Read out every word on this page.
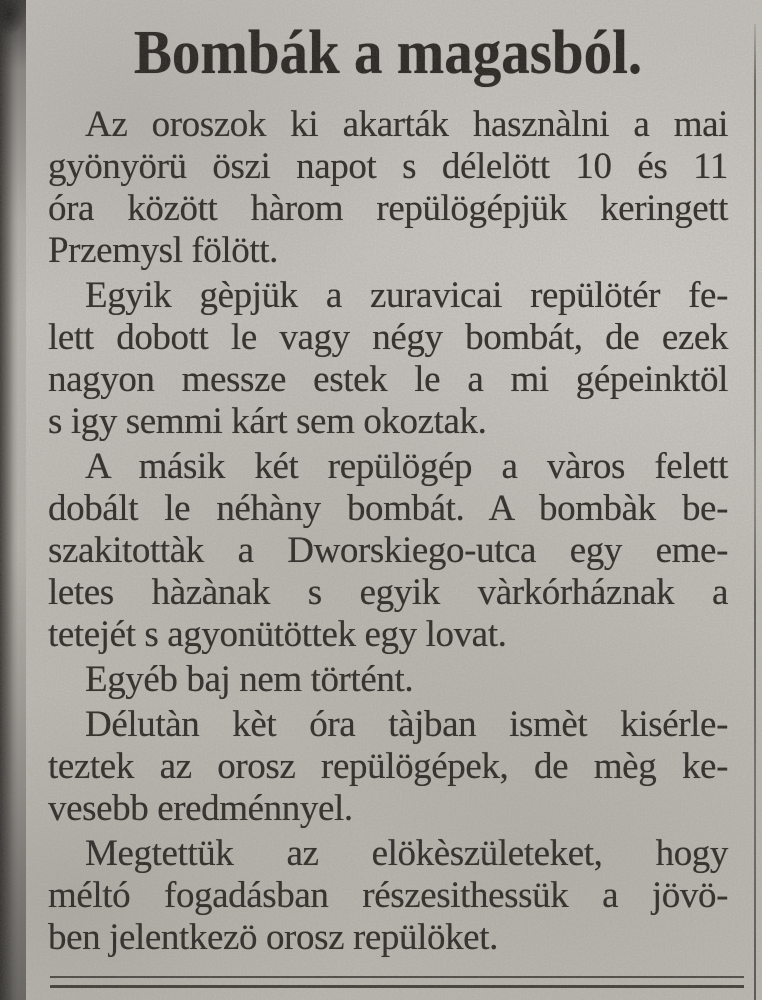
Bombák a magasból.
Az oroszok ki akarták hasznàlni a mai
gyönyörü öszi napot s délelött 10 és 11
óra között hàrom repülögépjük keringett
Przemysl fölött.
Egyik gèpjük a zuravicai repülötér fe-
lett dobott le vagy négy bombát, de ezek
nagyon messze estek le a mi gépeinktöl
s igy semmi kárt sem okoztak.
A másik két repülögép a vàros felett
dobált le néhàny bombát. A bombàk be-
szakitottàk a Dworskiego-utca egy eme-
letes hàzànak s egyik vàrkórháznak a
tetejét s agyonütöttek egy lovat.
Egyéb baj nem történt.
Délutàn kèt óra tàjban ismèt kisérle-
teztek az orosz repülögépek, de mèg ke-
vesebb eredménnyel.
Megtettük az elökèszületeket, hogy
méltó fogadásban részesithessük a jövö-
ben jelentkezö orosz repülöket.
